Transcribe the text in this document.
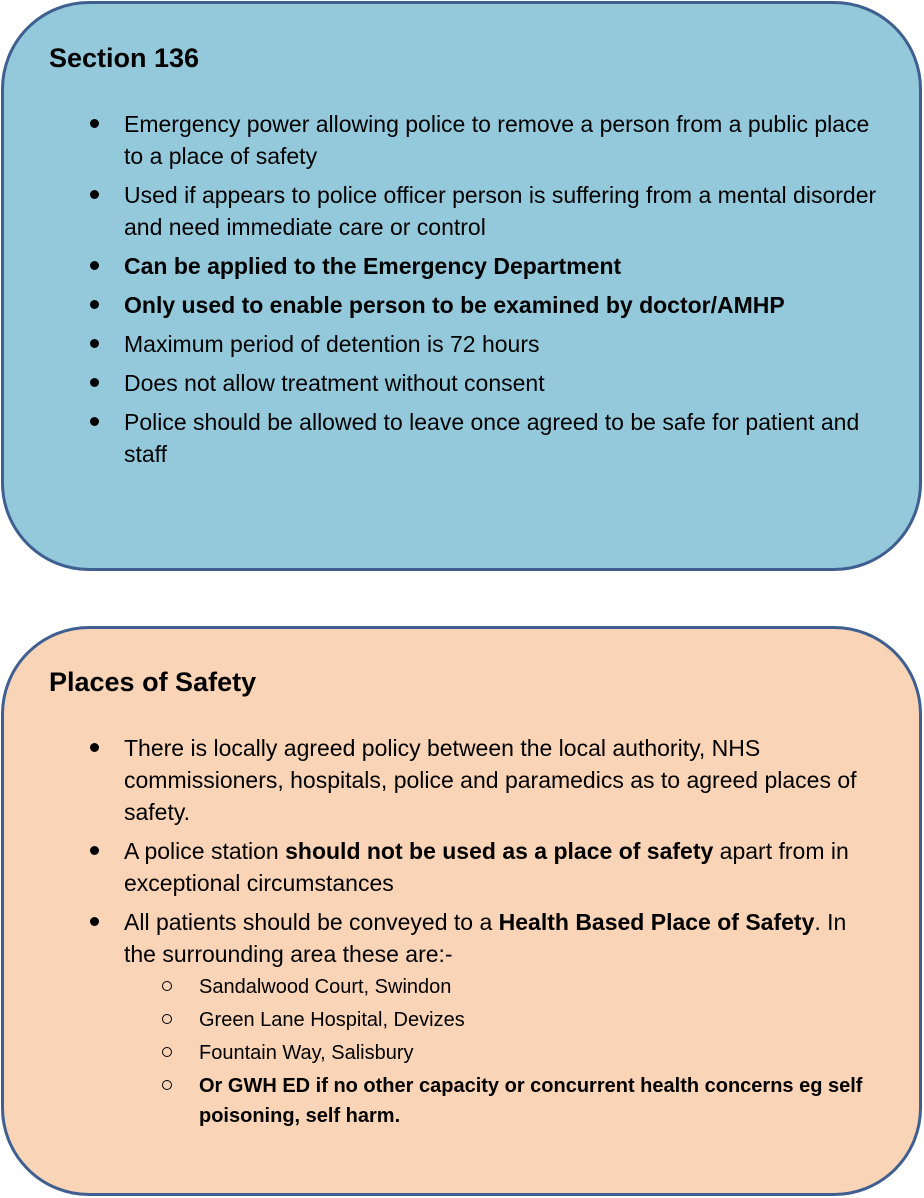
Section 136
Emergency power allowing police to remove a person from a public place to a place of safety
Used if appears to police officer person is suffering from a mental disorder and need immediate care or control
Can be applied to the Emergency Department
Only used to enable person to be examined by doctor/AMHP
Maximum period of detention is 72 hours
Does not allow treatment without consent
Police should be allowed to leave once agreed to be safe for patient and staff
Places of Safety
There is locally agreed policy between the local authority, NHS commissioners, hospitals, police and paramedics as to agreed places of safety.
A police station should not be used as a place of safety apart from in exceptional circumstances
All patients should be conveyed to a Health Based Place of Safety. In the surrounding area these are:-
Sandalwood Court, Swindon
Green Lane Hospital, Devizes
Fountain Way, Salisbury
Or GWH ED if no other capacity or concurrent health concerns eg self poisoning, self harm.
